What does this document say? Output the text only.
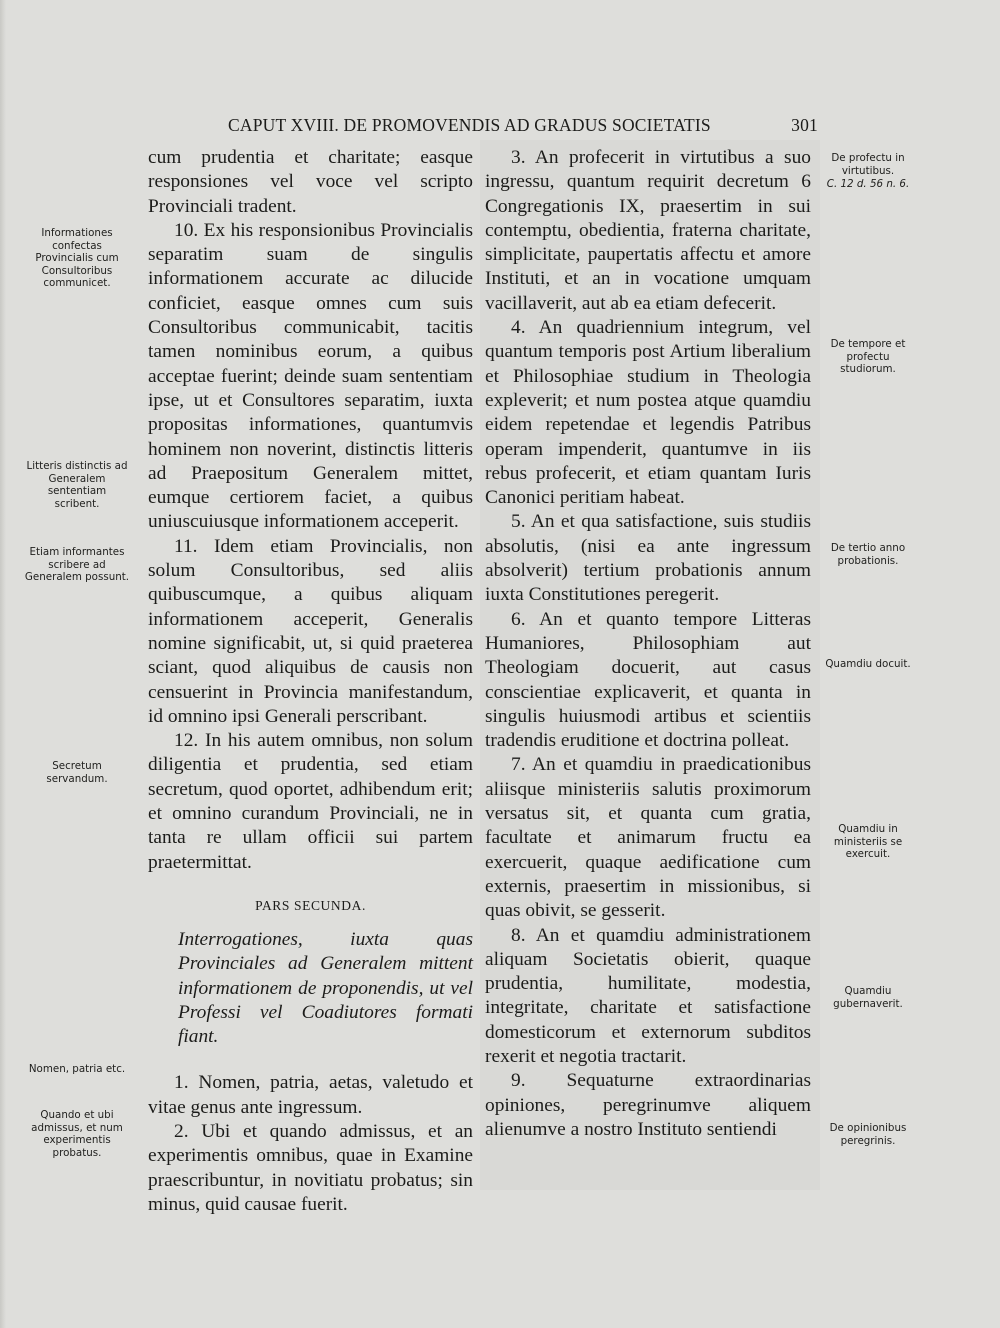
CAPUT XVIII. DE PROMOVENDIS AD GRADUS SOCIETATIS	301

cum prudentia et charitate; easque responsiones vel voce vel scripto Provinciali tradent.

10. Ex his responsionibus Provincialis separatim suam de singulis informationem accurate ac dilucide conficiet, easque omnes cum suis Consultoribus communicabit, tacitis tamen nominibus eorum, a quibus acceptae fuerint; deinde suam sententiam ipse, ut et Consultores separatim, iuxta propositas informationes, quantumvis hominem non noverint, distinctis litteris ad Praepositum Generalem mittet, eumque certiorem faciet, a quibus uniuscuiusque informationem acceperit.

11. Idem etiam Provincialis, non solum Consultoribus, sed aliis quibuscumque, a quibus aliquam informationem acceperit, Generalis nomine significabit, ut, si quid praeterea sciant, quod aliquibus de causis non censuerint in Provincia manifestandum, id omnino ipsi Generali perscribant.

12. In his autem omnibus, non solum diligentia et prudentia, sed etiam secretum, quod oportet, adhibendum erit; et omnino curandum Provinciali, ne in tanta re ullam officii sui partem praetermittat.

PARS SECUNDA.
Interrogationes, iuxta quas Provinciales ad Generalem mittent informationem de proponendis, ut vel Professi vel Coadiutores formati fiant.

1. Nomen, patria, aetas, valetudo et vitae genus ante ingressum.

2. Ubi et quando admissus, et an experimentis omnibus, quae in Examine praescribuntur, in novitiatu probatus; sin minus, quid causae fuerit.

3. An profecerit in virtutibus a suo ingressu, quantum requirit decretum 6 Congregationis IX, praesertim in sui contemptu, obedientia, fraterna charitate, simplicitate, paupertatis affectu et amore Instituti, et an in vocatione umquam vacillaverit, aut ab ea etiam defecerit.

4. An quadriennium integrum, vel quantum temporis post Artium liberalium et Philosophiae studium in Theologia expleverit; et num postea atque quamdiu eidem repetendae et legendis Patribus operam impenderit, quantumve in iis rebus profecerit, et etiam quantam Iuris Canonici peritiam habeat.

5. An et qua satisfactione, suis studiis absolutis, (nisi ea ante ingressum absolverit) tertium probationis annum iuxta Constitutiones peregerit.

6. An et quanto tempore Litteras Humaniores, Philosophiam aut Theologiam docuerit, aut casus conscientiae explicaverit, et quanta in singulis huiusmodi artibus et scientiis tradendis eruditione et doctrina polleat.

7. An et quamdiu in praedicationibus aliisque ministeriis salutis proximorum versatus sit, et quanta cum gratia, facultate et animarum fructu ea exercuerit, quaque aedificatione cum externis, praesertim in missionibus, si quas obivit, se gesserit.

8. An et quamdiu administrationem aliquam Societatis obierit, quaque prudentia, humilitate, modestia, integritate, charitate et satisfactione domesticorum et externorum subditos rexerit et negotia tractarit.

9. Sequaturne extraordinarias opiniones, peregrinumve aliquem alienumve a nostro Instituto sentiendi

Informationes confectas Provincialis cum Consultoribus communicet.
Litteris distinctis ad Generalem sententiam scribent.
Etiam informantes scribere ad Generalem possunt.
Secretum servandum.
Nomen, patria etc.
Quando et ubi admissus, et num experimentis probatus.
De profectu in virtutibus.
C. 12 d. 56 n. 6.
De tempore et profectu studiorum.
De tertio anno probationis.
Quamdiu docuit.
Quamdiu in ministeriis se exercuit.
Quamdiu gubernaverit.
De opinionibus peregrinis.
